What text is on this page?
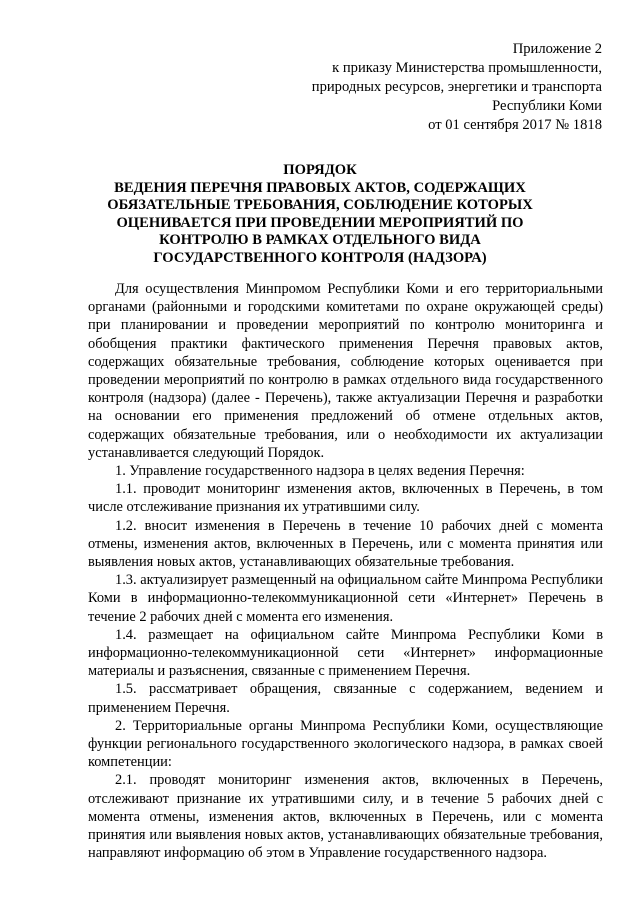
Приложение 2
к приказу Министерства промышленности,
природных ресурсов, энергетики и транспорта
Республики Коми
от 01 сентября 2017 № 1818
ПОРЯДОК
ВЕДЕНИЯ ПЕРЕЧНЯ ПРАВОВЫХ АКТОВ, СОДЕРЖАЩИХ
ОБЯЗАТЕЛЬНЫЕ ТРЕБОВАНИЯ, СОБЛЮДЕНИЕ КОТОРЫХ
ОЦЕНИВАЕТСЯ ПРИ ПРОВЕДЕНИИ МЕРОПРИЯТИЙ ПО
КОНТРОЛЮ В РАМКАХ ОТДЕЛЬНОГО ВИДА
ГОСУДАРСТВЕННОГО КОНТРОЛЯ (НАДЗОРА)

Для осуществления Минпромом Республики Коми и его территориальными органами (районными и городскими комитетами по охране окружающей среды) при планировании и проведении мероприятий по контролю мониторинга и обобщения практики фактического применения Перечня правовых актов, содержащих обязательные требования, соблюдение которых оценивается при проведении мероприятий по контролю в рамках отдельного вида государственного контроля (надзора) (далее - Перечень), также актуализации Перечня и разработки на основании его применения предложений об отмене отдельных актов, содержащих обязательные требования, или о необходимости их актуализации устанавливается следующий Порядок.

1. Управление государственного надзора в целях ведения Перечня:

1.1. проводит мониторинг изменения актов, включенных в Перечень, в том числе отслеживание признания их утратившими силу.

1.2. вносит изменения в Перечень в течение 10 рабочих дней с момента отмены, изменения актов, включенных в Перечень, или с момента принятия или выявления новых актов, устанавливающих обязательные требования.

1.3. актуализирует размещенный на официальном сайте Минпрома Республики Коми в информационно-телекоммуникационной сети «Интернет» Перечень в течение 2 рабочих дней с момента его изменения.

1.4. размещает на официальном сайте Минпрома Республики Коми в информационно-телекоммуникационной сети «Интернет» информационные материалы и разъяснения, связанные с применением Перечня.

1.5. рассматривает обращения, связанные с содержанием, ведением и применением Перечня.

2. Территориальные органы Минпрома Республики Коми, осуществляющие функции регионального государственного экологического надзора, в рамках своей компетенции:

2.1. проводят мониторинг изменения актов, включенных в Перечень, отслеживают признание их утратившими силу, и в течение 5 рабочих дней с момента отмены, изменения актов, включенных в Перечень, или с момента принятия или выявления новых актов, устанавливающих обязательные требования, направляют информацию об этом в Управление государственного надзора.
